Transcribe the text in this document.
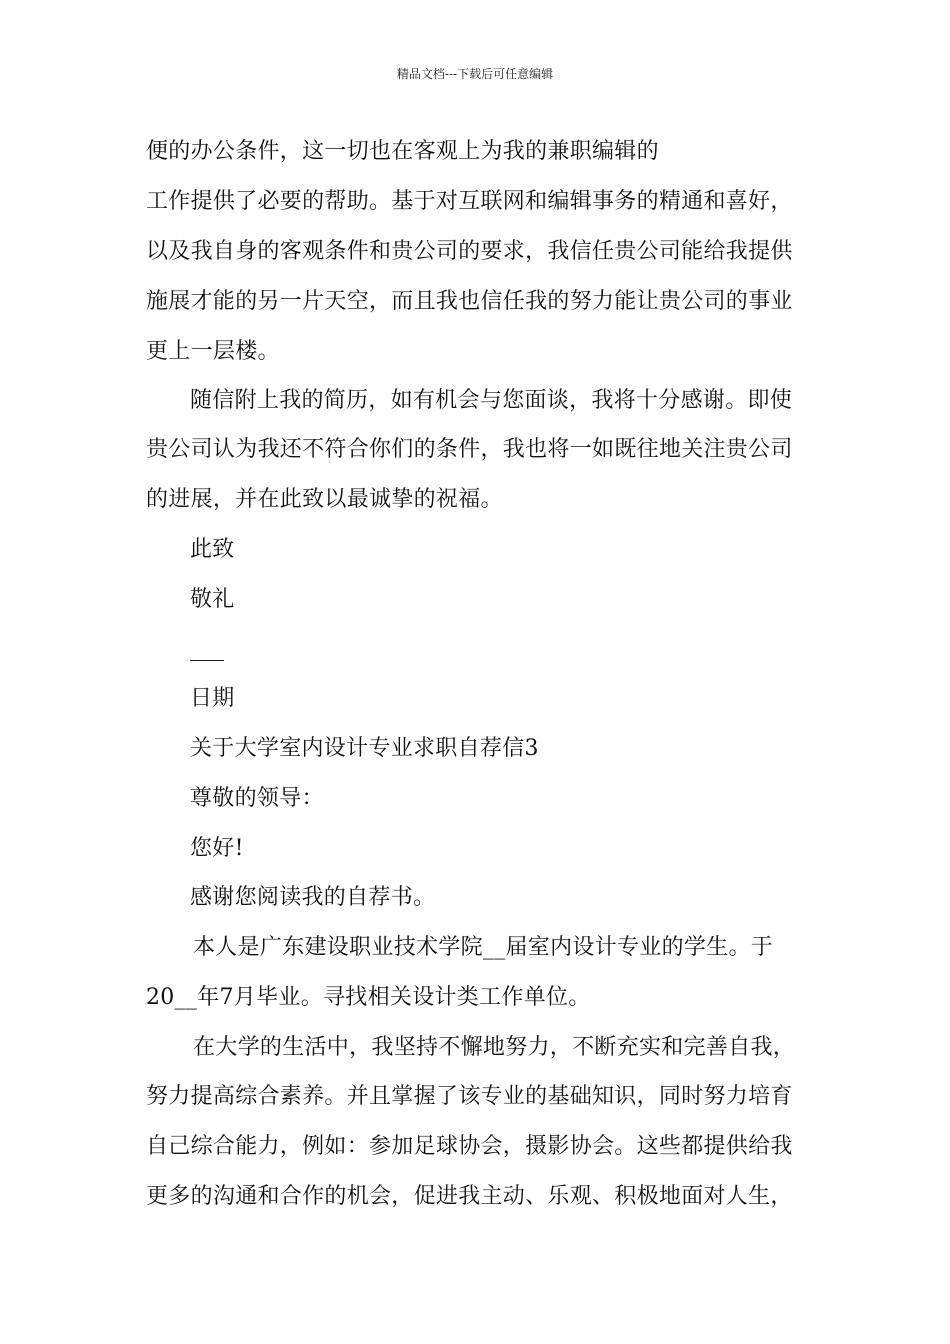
精品文档---下载后可任意编辑
便的办公条件，这一切也在客观上为我的兼职编辑的
工作提供了必要的帮助。基于对互联网和编辑事务的精通和喜好，
以及我自身的客观条件和贵公司的要求，我信任贵公司能给我提供
施展才能的另一片天空，而且我也信任我的努力能让贵公司的事业
更上一层楼。
随信附上我的简历，如有机会与您面谈，我将十分感谢。即使
贵公司认为我还不符合你们的条件，我也将一如既往地关注贵公司
的进展，并在此致以最诚挚的祝福。
此致
敬礼
日期
关于大学室内设计专业求职自荐信3
尊敬的领导：
您好!
感谢您阅读我的自荐书。
本人是广东建设职业技术学院__届室内设计专业的学生。于
20__年7月毕业。寻找相关设计类工作单位。
在大学的生活中，我坚持不懈地努力，不断充实和完善自我，
努力提高综合素养。并且掌握了该专业的基础知识，同时努力培育
自己综合能力，例如：参加足球协会，摄影协会。这些都提供给我
更多的沟通和合作的机会，促进我主动、乐观、积极地面对人生，
